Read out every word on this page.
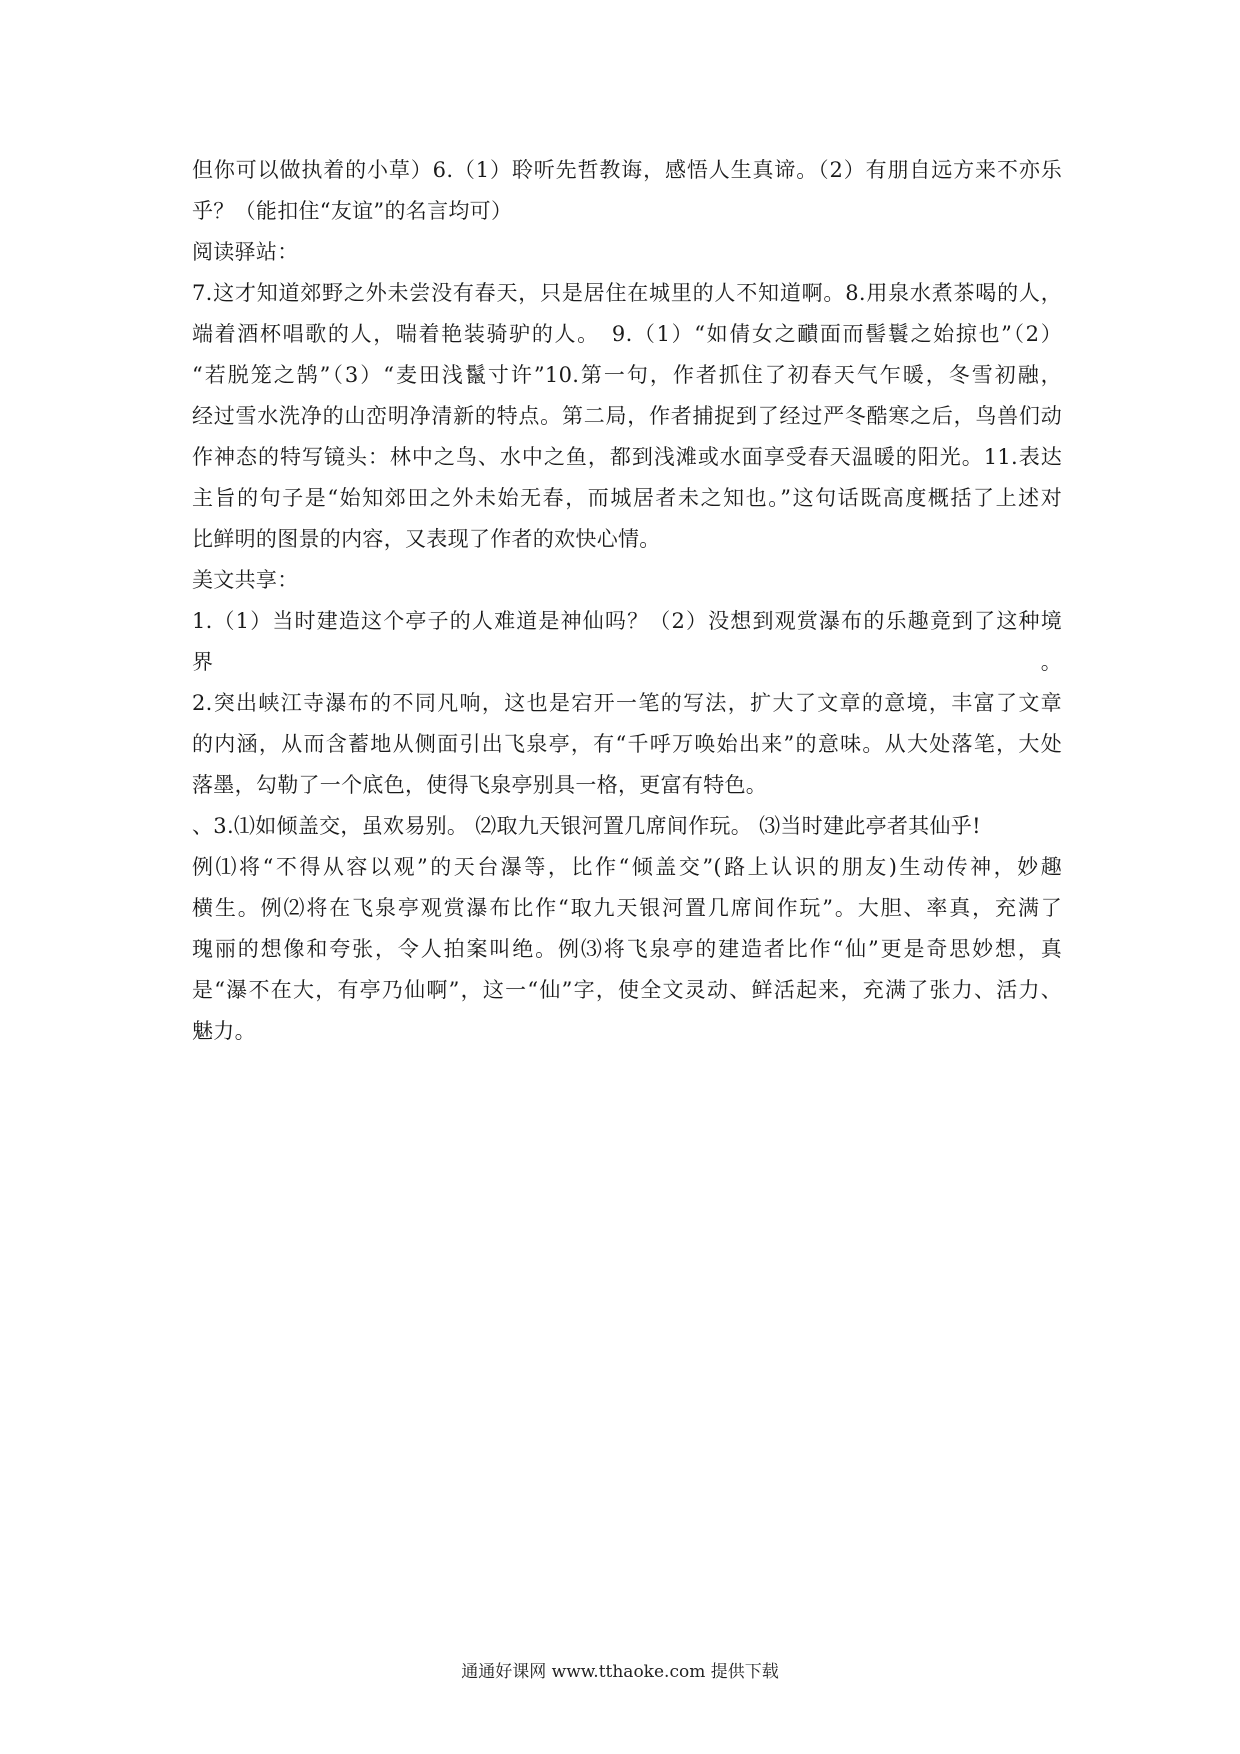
但你可以做执着的小草）6.（1）聆听先哲教诲，感悟人生真谛。（2）有朋自远方来不亦乐
乎？（能扣住“友谊”的名言均可）
阅读驿站：
7.这才知道郊野之外未尝没有春天，只是居住在城里的人不知道啊。8.用泉水煮茶喝的人，
端着酒杯唱歌的人，喘着艳装骑驴的人。　9.（1）“如倩女之靧面而髻鬟之始掠也”（2）
“若脱笼之鹄”（3）“麦田浅鬣寸许”10.第一句，作者抓住了初春天气乍暖，冬雪初融，
经过雪水洗净的山峦明净清新的特点。第二局，作者捕捉到了经过严冬酷寒之后，鸟兽们动
作神态的特写镜头：林中之鸟、水中之鱼，都到浅滩或水面享受春天温暖的阳光。11.表达
主旨的句子是“始知郊田之外未始无春，而城居者未之知也。”这句话既高度概括了上述对
比鲜明的图景的内容，又表现了作者的欢快心情。
美文共享：
1.（1）当时建造这个亭子的人难道是神仙吗？（2）没想到观赏瀑布的乐趣竟到了这种境界。
2.突出峡江寺瀑布的不同凡响，这也是宕开一笔的写法，扩大了文章的意境，丰富了文章
的内涵，从而含蓄地从侧面引出飞泉亭，有“千呼万唤始出来”的意味。从大处落笔，大处
落墨，勾勒了一个底色，使得飞泉亭别具一格，更富有特色。
、3.⑴如倾盖交，虽欢易别。 ⑵取九天银河置几席间作玩。 ⑶当时建此亭者其仙乎!
例⑴将“不得从容以观”的天台瀑等，比作“倾盖交”(路上认识的朋友)生动传神，妙趣
横生。例⑵将在飞泉亭观赏瀑布比作“取九天银河置几席间作玩”。大胆、率真，充满了
瑰丽的想像和夸张，令人拍案叫绝。例⑶将飞泉亭的建造者比作“仙”更是奇思妙想，真
是“瀑不在大，有亭乃仙啊”，这一“仙”字，使全文灵动、鲜活起来，充满了张力、活力、
魅力。
通通好课网 www.tthaoke.com 提供下载
